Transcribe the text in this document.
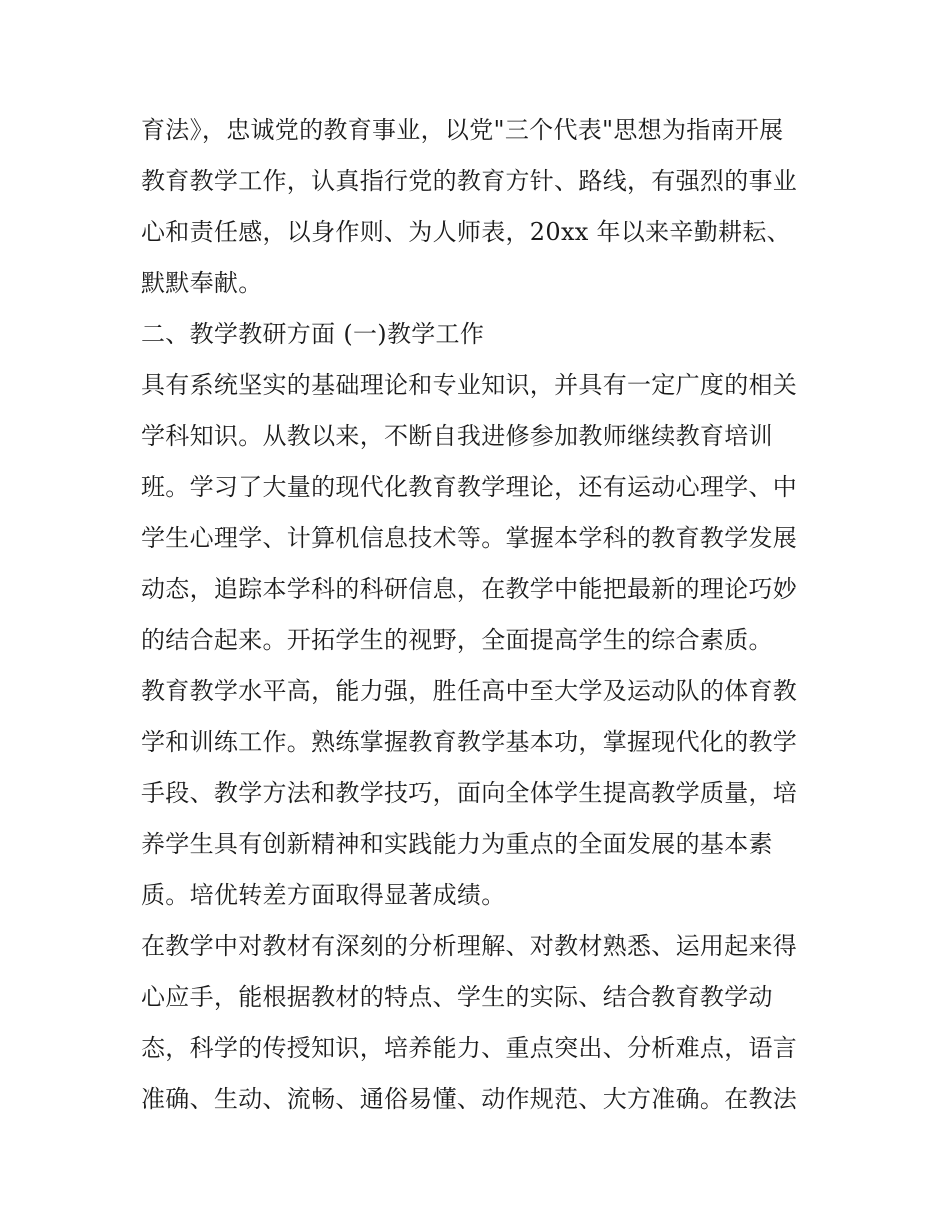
育法》，忠诚党的教育事业，以党"三个代表"思想为指南开展
教育教学工作，认真指行党的教育方针、路线，有强烈的事业
心和责任感，以身作则、为人师表，20xx 年以来辛勤耕耘、
默默奉献。
二、教学教研方面 (一)教学工作
具有系统坚实的基础理论和专业知识，并具有一定广度的相关
学科知识。从教以来，不断自我进修参加教师继续教育培训
班。学习了大量的现代化教育教学理论，还有运动心理学、中
学生心理学、计算机信息技术等。掌握本学科的教育教学发展
动态，追踪本学科的科研信息，在教学中能把最新的理论巧妙
的结合起来。开拓学生的视野，全面提高学生的综合素质。
教育教学水平高，能力强，胜任高中至大学及运动队的体育教
学和训练工作。熟练掌握教育教学基本功，掌握现代化的教学
手段、教学方法和教学技巧，面向全体学生提高教学质量，培
养学生具有创新精神和实践能力为重点的全面发展的基本素
质。培优转差方面取得显著成绩。
在教学中对教材有深刻的分析理解、对教材熟悉、运用起来得
心应手，能根据教材的特点、学生的实际、结合教育教学动
态，科学的传授知识，培养能力、重点突出、分析难点，语言
准确、生动、流畅、通俗易懂、动作规范、大方准确。在教法
